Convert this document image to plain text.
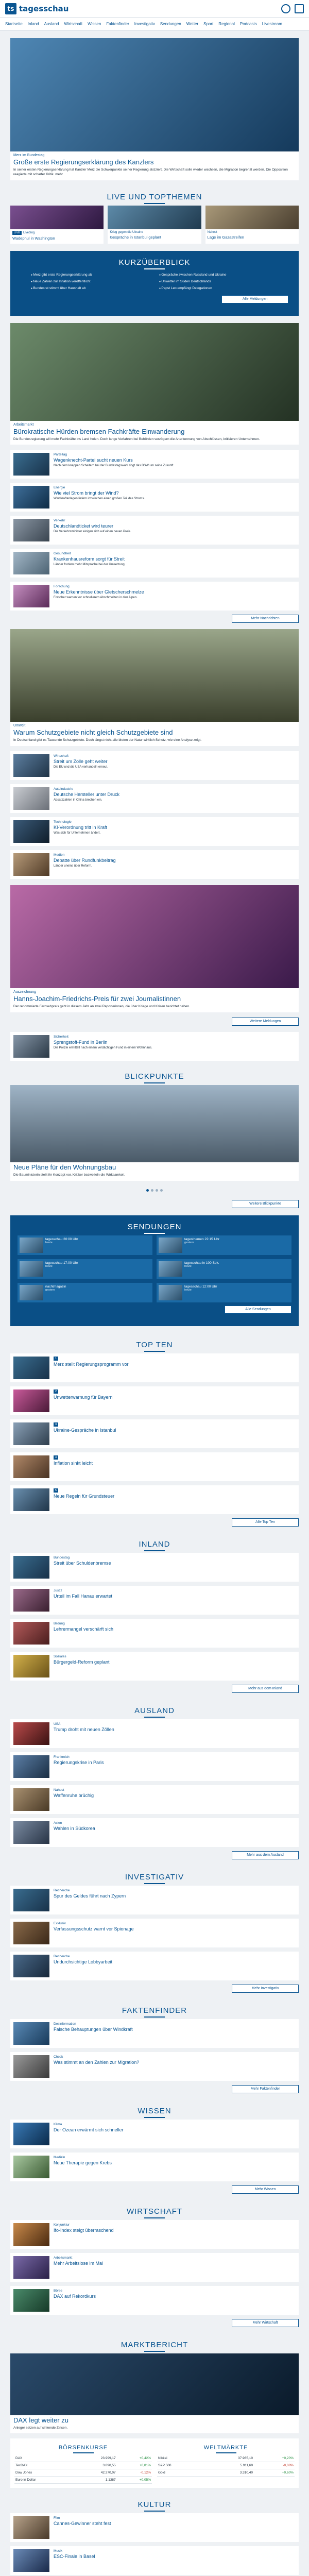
ts tagesschau
Startseite Inland Ausland Wirtschaft Wissen Faktenfinder Investigativ Sendungen Wetter Sport Regional Podcasts Livestream
Merz im Bundestag
Große erste Regierungserklärung des Kanzlers
In seiner ersten Regierungserklärung hat Kanzler Merz die Schwerpunkte seiner Regierung skizziert. Die Wirtschaft solle wieder wachsen, die Migration begrenzt werden. Die Opposition reagierte mit scharfer Kritik. mehr
LIVE UND TOPTHEMEN
LIVE Liveblog
Wadephul in Washington
Krieg gegen die Ukraine
Gespräche in Istanbul geplant
Nahost
Lage im Gazastreifen
KURZÜBERBLICK
● Merz gibt erste Regierungserklärung ab	● Gespräche zwischen Russland und Ukraine
● Neue Zahlen zur Inflation veröffentlicht	● Unwetter im Süden Deutschlands
● Bundesrat stimmt über Haushalt ab	● Papst Leo empfängt Delegationen
Alle Meldungen
Arbeitsmarkt
Bürokratische Hürden bremsen Fachkräfte-Einwanderung
Die Bundesregierung will mehr Fachkräfte ins Land holen. Doch lange Verfahren bei Behörden verzögern die Anerkennung von Abschlüssen, kritisieren Unternehmen.
Parteitag
Wagenknecht-Partei sucht neuen Kurs
Nach dem knappen Scheitern bei der Bundestagswahl ringt das BSW um seine Zukunft.
Energie
Wie viel Strom bringt der Wind?
Windkraftanlagen liefern inzwischen einen großen Teil des Stroms.
Verkehr
Deutschlandticket wird teurer
Die Verkehrsminister einigen sich auf einen neuen Preis.
Gesundheit
Krankenhausreform sorgt für Streit
Länder fordern mehr Mitsprache bei der Umsetzung.
Forschung
Neue Erkenntnisse über Gletscherschmelze
Forscher warnen vor schnellerem Abschmelzen in den Alpen.
Mehr Nachrichten
Umwelt
Warum Schutzgebiete nicht gleich Schutzgebiete sind
In Deutschland gibt es Tausende Schutzgebiete. Doch längst nicht alle bieten der Natur wirklich Schutz, wie eine Analyse zeigt.
Wirtschaft
Streit um Zölle geht weiter
Die EU und die USA verhandeln erneut.
Autoindustrie
Deutsche Hersteller unter Druck
Absatzzahlen in China brechen ein.
Technologie
KI-Verordnung tritt in Kraft
Was sich für Unternehmen ändert.
Medien
Debatte über Rundfunkbeitrag
Länder uneins über Reform.
Auszeichnung
Hanns-Joachim-Friedrichs-Preis für zwei Journalistinnen
Der renommierte Fernsehpreis geht in diesem Jahr an zwei Reporterinnen, die über Kriege und Krisen berichtet haben.
Weitere Meldungen
Sicherheit
Sprengstoff-Fund in Berlin
Die Polizei ermittelt nach einem verdächtigen Fund in einem Wohnhaus.
BLICKPUNKTE
Neue Pläne für den Wohnungsbau
Die Bauministerin stellt ihr Konzept vor. Kritiker bezweifeln die Wirksamkeit.
Weitere Blickpunkte
SENDUNGEN
tagesschau 20:00 Uhr
heute
tagesthemen 22:15 Uhr
gestern
tagesschau 17:00 Uhr
heute
tagesschau in 100 Sek.
heute
nachtmagazin
gestern
tagesschau 12:00 Uhr
heute
Alle Sendungen
TOP TEN
1
Merz stellt Regierungsprogramm vor
2
Unwetterwarnung für Bayern
3
Ukraine-Gespräche in Istanbul
4
Inflation sinkt leicht
5
Neue Regeln für Grundsteuer
Alle Top Ten
INLAND
Bundestag
Streit über Schuldenbremse
Justiz
Urteil im Fall Hanau erwartet
Bildung
Lehrermangel verschärft sich
Soziales
Bürgergeld-Reform geplant
Mehr aus dem Inland
AUSLAND
USA
Trump droht mit neuen Zöllen
Frankreich
Regierungskrise in Paris
Nahost
Waffenruhe brüchig
Asien
Wahlen in Südkorea
Mehr aus dem Ausland
INVESTIGATIV
Recherche
Spur des Geldes führt nach Zypern
Exklusiv
Verfassungsschutz warnt vor Spionage
Recherche
Undurchsichtige Lobbyarbeit
Mehr Investigativ
FAKTENFINDER
Desinformation
Falsche Behauptungen über Windkraft
Check
Was stimmt an den Zahlen zur Migration?
Mehr Faktenfinder
WISSEN
Klima
Der Ozean erwärmt sich schneller
Medizin
Neue Therapie gegen Krebs
Mehr Wissen
WIRTSCHAFT
Konjunktur
Ifo-Index steigt überraschend
Arbeitsmarkt
Mehr Arbeitslose im Mai
Börse
DAX auf Rekordkurs
Mehr Wirtschaft
MARKTBERICHT
DAX legt weiter zu
Anleger setzen auf sinkende Zinsen.
BÖRSENKURSE
DAX	23.999,17	+0,42%
TecDAX	3.890,55	+0,81%
Dow Jones	42.270,07	-0,12%
Euro in Dollar	1,1387	+0,05%
WELTMÄRKTE
Nikkei	37.965,10	+0,20%
S&P 500	5.911,69	-0,08%
Gold	3.310,40	+0,60%
KULTUR
Film
Cannes-Gewinner steht fest
Musik
ESC-Finale in Basel
